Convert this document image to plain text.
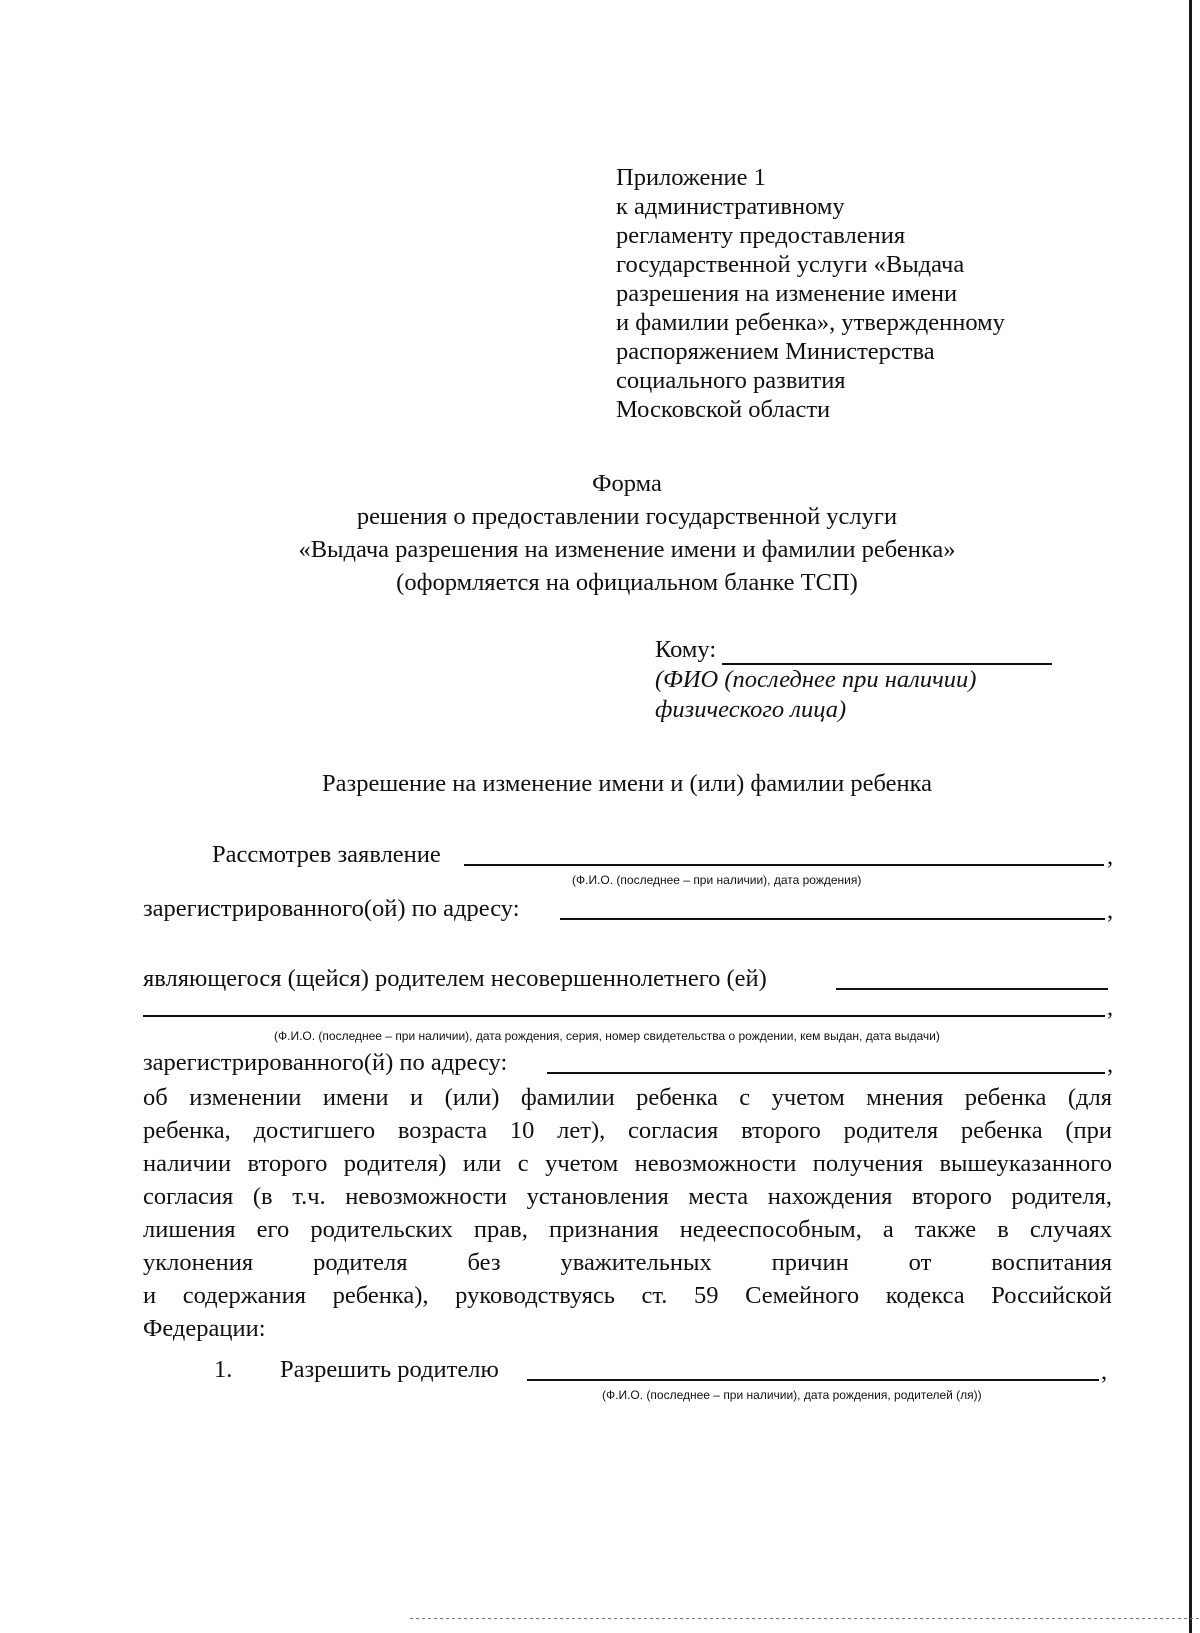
Приложение 1
к административному
регламенту предоставления
государственной услуги «Выдача
разрешения на изменение имени
и фамилии ребенка», утвержденному
распоряжением Министерства
социального развития
Московской области
Форма
решения о предоставлении государственной услуги
«Выдача разрешения на изменение имени и фамилии ребенка»
(оформляется на официальном бланке ТСП)
Кому:
(ФИО (последнее при наличии)
физического лица)
Разрешение на изменение имени и (или) фамилии ребенка
Рассмотрев заявление	,
(Ф.И.О. (последнее – при наличии), дата рождения)
зарегистрированного(ой) по адресу:	,
являющегося (щейся) родителем несовершеннолетнего (ей)
,
(Ф.И.О. (последнее – при наличии), дата рождения, серия, номер свидетельства о рождении, кем выдан, дата выдачи)
зарегистрированного(й) по адресу:	,
об изменении имени и (или) фамилии ребенка с учетом мнения ребенка (для
ребенка, достигшего возраста 10 лет), согласия второго родителя ребенка (при
наличии второго родителя) или с учетом невозможности получения вышеуказанного
согласия (в т.ч. невозможности установления места нахождения второго родителя,
лишения его родительских прав, признания недееспособным, а также в случаях
уклонения родителя без уважительных причин от воспитания
и содержания ребенка), руководствуясь ст. 59 Семейного кодекса Российской
Федерации:
1. Разрешить родителю	,
(Ф.И.О. (последнее – при наличии), дата рождения, родителей (ля))
